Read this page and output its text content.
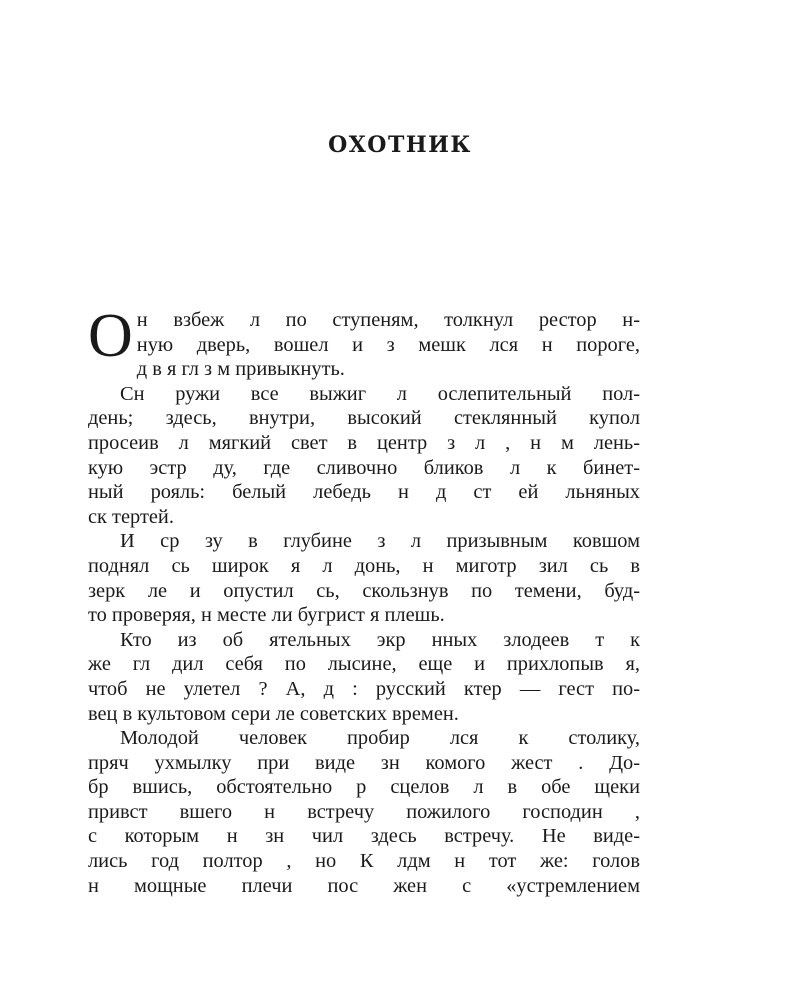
ОХОТНИК
О н взбеж л по ступеням, толкнул рестор н-
ную дверь, вошел и з мешк лся н пороге,
д в я гл з м привыкнуть.
Сн ружи все выжиг л ослепительный пол-
день; здесь, внутри, высокий стеклянный купол
просеив л мягкий свет в центр з л , н м лень-
кую эстр ду, где сливочно бликов л к бинет-
ный рояль: белый лебедь н д ст ей льняных
ск тертей.
И ср зу в глубине з л призывным ковшом
поднял сь широк я л донь, н миготр зил сь в
зерк ле и опустил сь, скользнув по темени, буд-
то проверяя, н месте ли бугрист я плешь.
Кто из об ятельных экр нных злодеев т к
же гл дил себя по лысине, еще и прихлопыв я,
чтоб не улетел ? А, д : русский ктер — гест по-
вец в культовом сери ле советских времен.
Молодой человек пробир лся к столику,
пряч ухмылку при виде зн комого жест . До-
бр вшись, обстоятельно р сцелов л в обе щеки
привст вшего н встречу пожилого господин ,
с которым н зн чил здесь встречу. Не виде-
лись год полтор , но К лдм н тот же: голов
н мощные плечи пос жен с «устремлением
